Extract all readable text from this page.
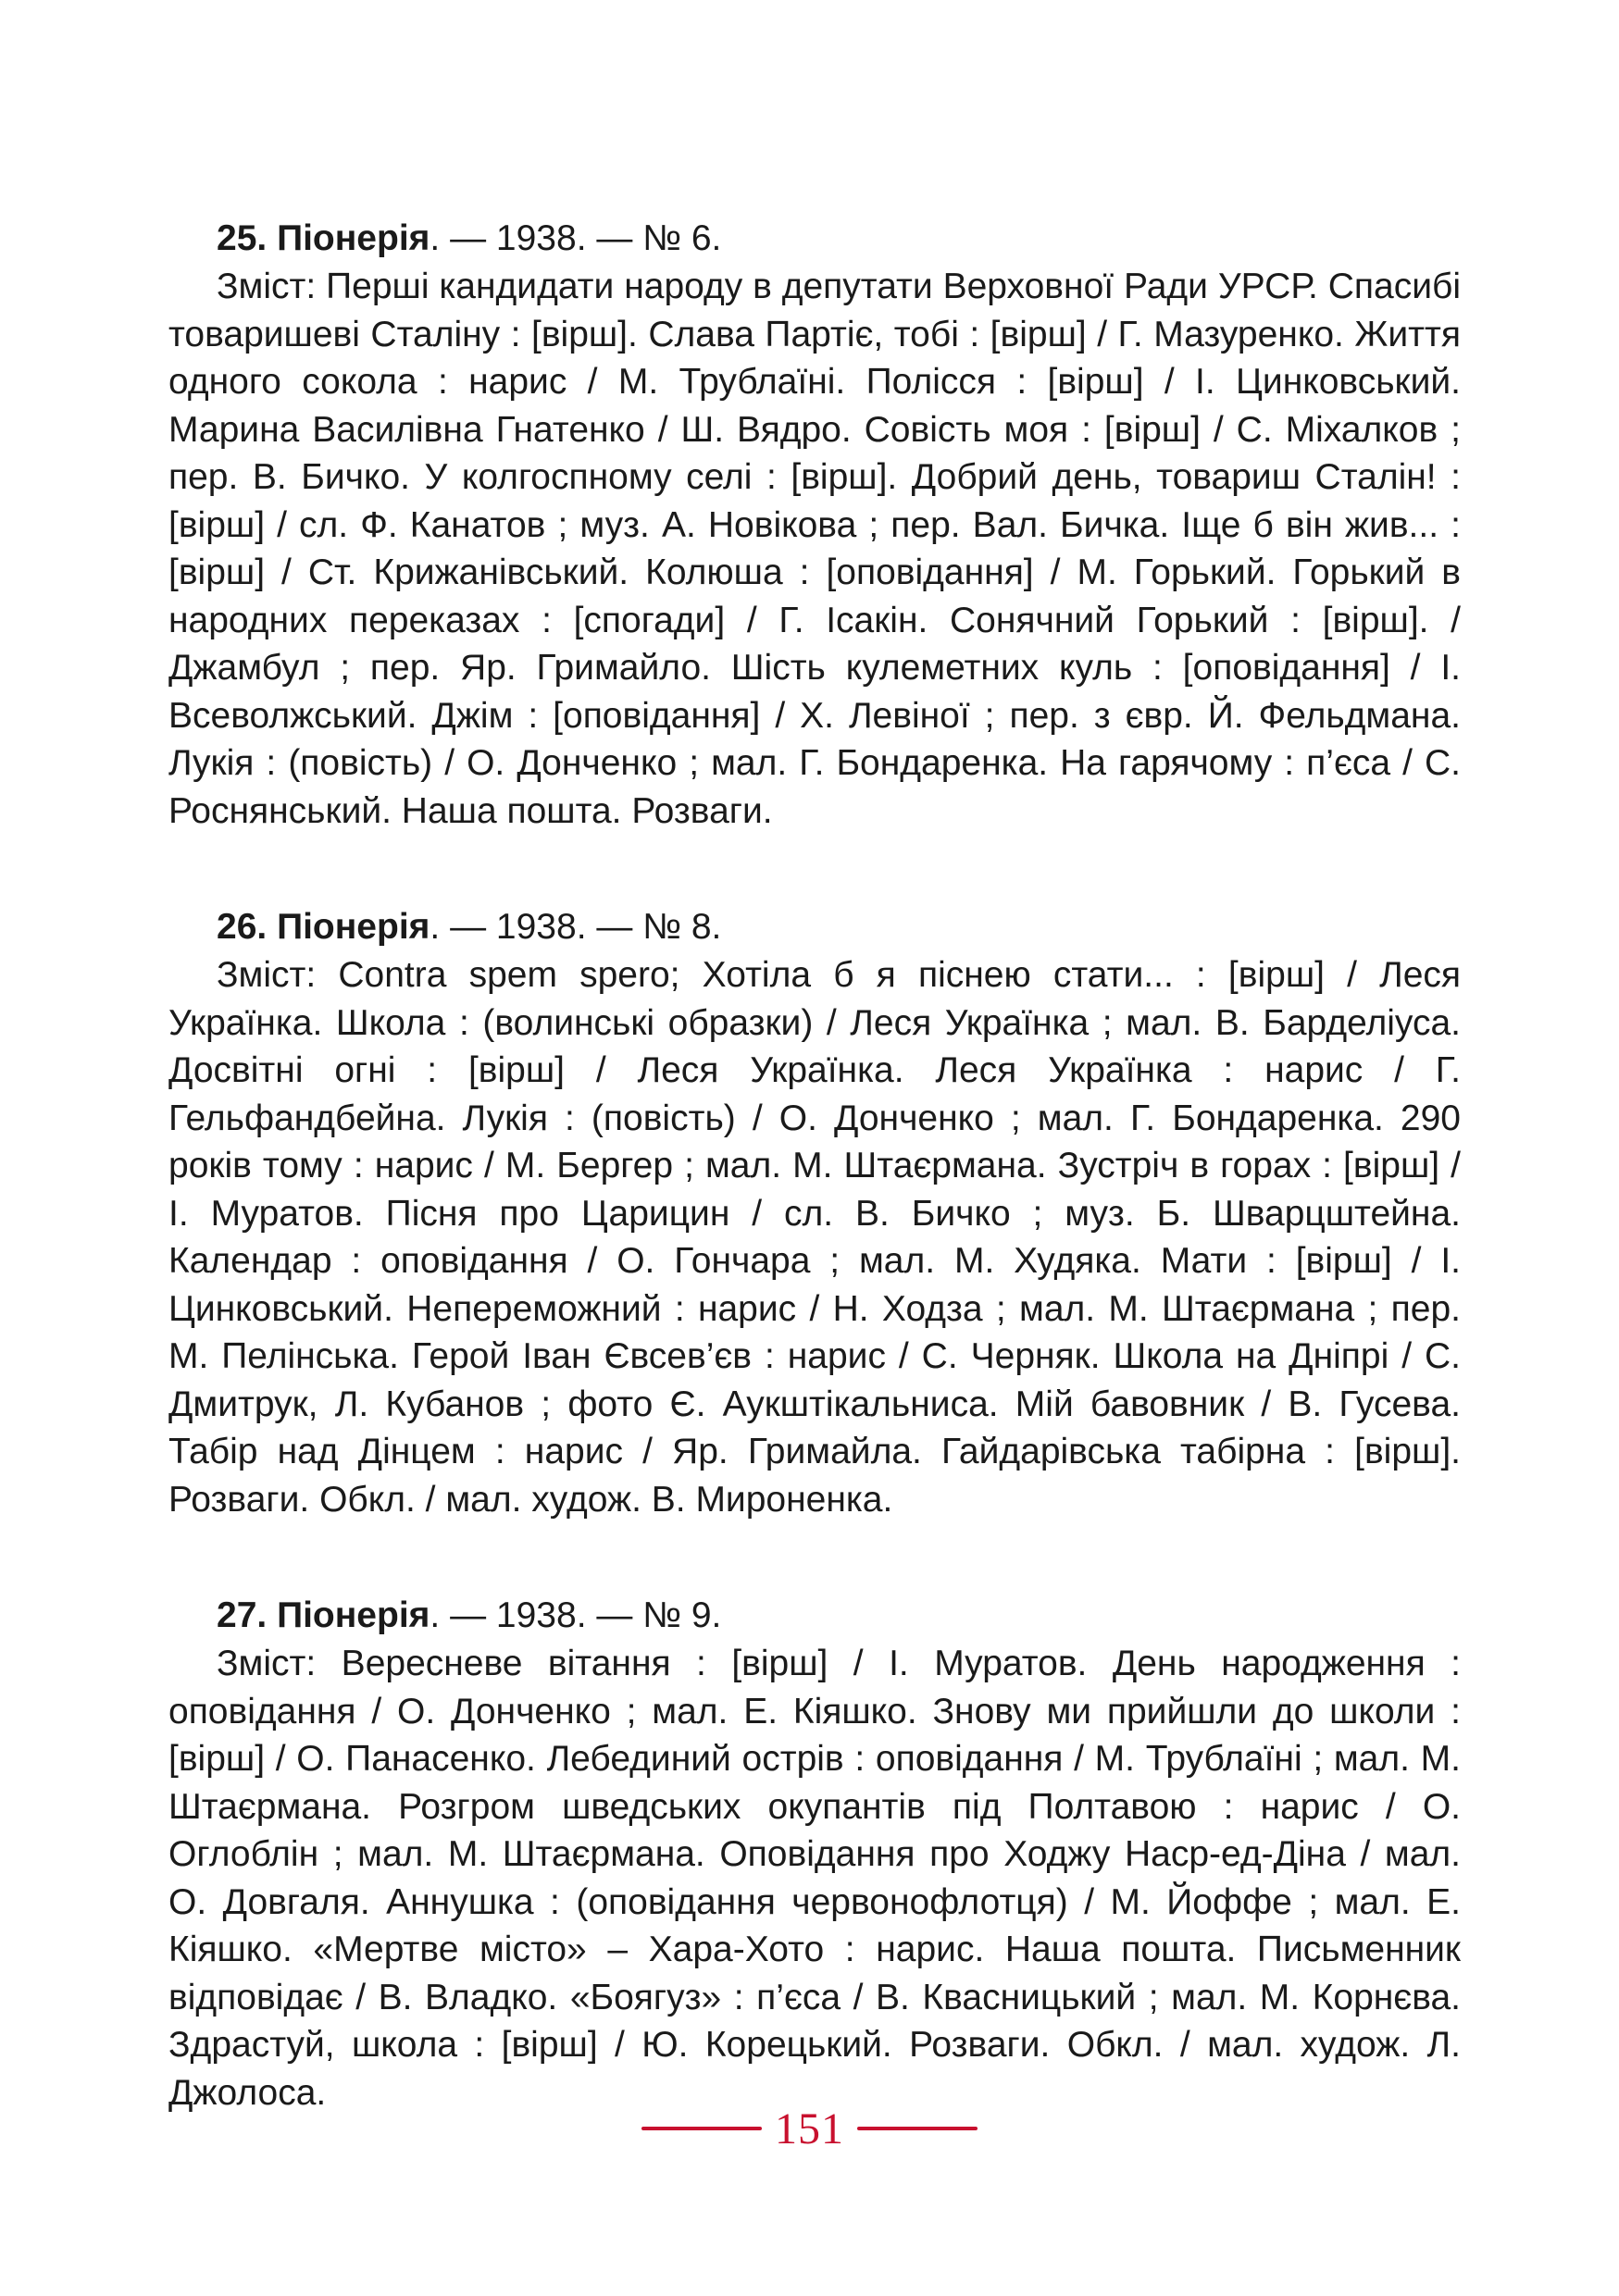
25. Піонерія. — 1938. — № 6.

Зміст: Перші кандидати народу в депутати Верховної Ради УРСР. Спасибі товаришеві Сталіну : [вірш]. Слава Партіє, тобі : [вірш] / Г. Мазуренко. Життя одного сокола : нарис / М. Трублаїні. Полісся : [вірш] / І. Цинковський. Марина Василівна Гнатенко / Ш. Вядро. Совість моя : [вірш] / С. Міхалков ; пер. В. Бичко. У колгоспному селі : [вірш]. Добрий день, товариш Сталін! : [вірш] / сл. Ф. Канатов ; муз. А. Новікова ; пер. Вал. Бичка. Іще б він жив... : [вірш] / Ст. Крижанівський. Колюша : [оповідання] / М. Горький. Горький в народних переказах : [спогади] / Г. Ісакін. Сонячний Горький : [вірш]. / Джамбул ; пер. Яр. Гримайло. Шість кулеметних куль : [оповідання] / І. Всеволжський. Джім : [оповідання] / Х. Левіної ; пер. з євр. Й. Фельдмана. Лукія : (повість) / О. Донченко ; мал. Г. Бондаренка. На гарячому : п’єса / С. Роснянський. Наша пошта. Розваги.

26. Піонерія. — 1938. — № 8.

Зміст: Contra spem spero; Хотіла б я піснею стати... : [вірш] / Леся Українка. Школа : (волинські образки) / Леся Українка ; мал. В. Барделіуса. Досвітні огні : [вірш] / Леся Українка. Леся Українка : нарис / Г. Гельфандбейна. Лукія : (повість) / О. Донченко ; мал. Г. Бондаренка. 290 років тому : нарис / М. Бергер ; мал. М. Штаєрмана. Зустріч в горах : [вірш] / І. Муратов. Пісня про Царицин / сл. В. Бичко ; муз. Б. Шварцштейна. Календар : оповідання / О. Гончара ; мал. М. Худяка. Мати : [вірш] / І. Цинковський. Непереможний : нарис / Н. Ходза ; мал. М. Штаєрмана ; пер. М. Пелінська. Герой Іван Євсев’єв : нарис / С. Черняк. Школа на Дніпрі / С. Дмитрук, Л. Кубанов ; фото Є. Аукштікальниса. Мій бавовник / В. Гусева. Табір над Дінцем : нарис / Яр. Гримайла. Гайдарівська табірна : [вірш]. Розваги. Обкл. / мал. худож. В. Мироненка.

27. Піонерія. — 1938. — № 9.

Зміст: Вересневе вітання : [вірш] / І. Муратов. День народження : оповідання / О. Донченко ; мал. Е. Кіяшко. Знову ми прийшли до школи : [вірш] / О. Панасенко. Лебединий острів : оповідання / М. Трублаїні ; мал. М. Штаєрмана. Розгром шведських окупантів під Полтавою : нарис / О. Оглоблін ; мал. М. Штаєрмана. Оповідання про Ходжу Наср-ед-Діна / мал. О. Довгаля. Аннушка : (оповідання червонофлотця) / М. Йоффе ; мал. Е. Кіяшко. «Мертве місто» – Хара-Хото : нарис. Наша пошта. Письменник відповідає / В. Владко. «Боягуз» : п’єса / В. Квасницький ; мал. М. Корнєва. Здрастуй, школа : [вірш] / Ю. Корецький. Розваги. Обкл. / мал. худож. Л. Джолоса.

151
